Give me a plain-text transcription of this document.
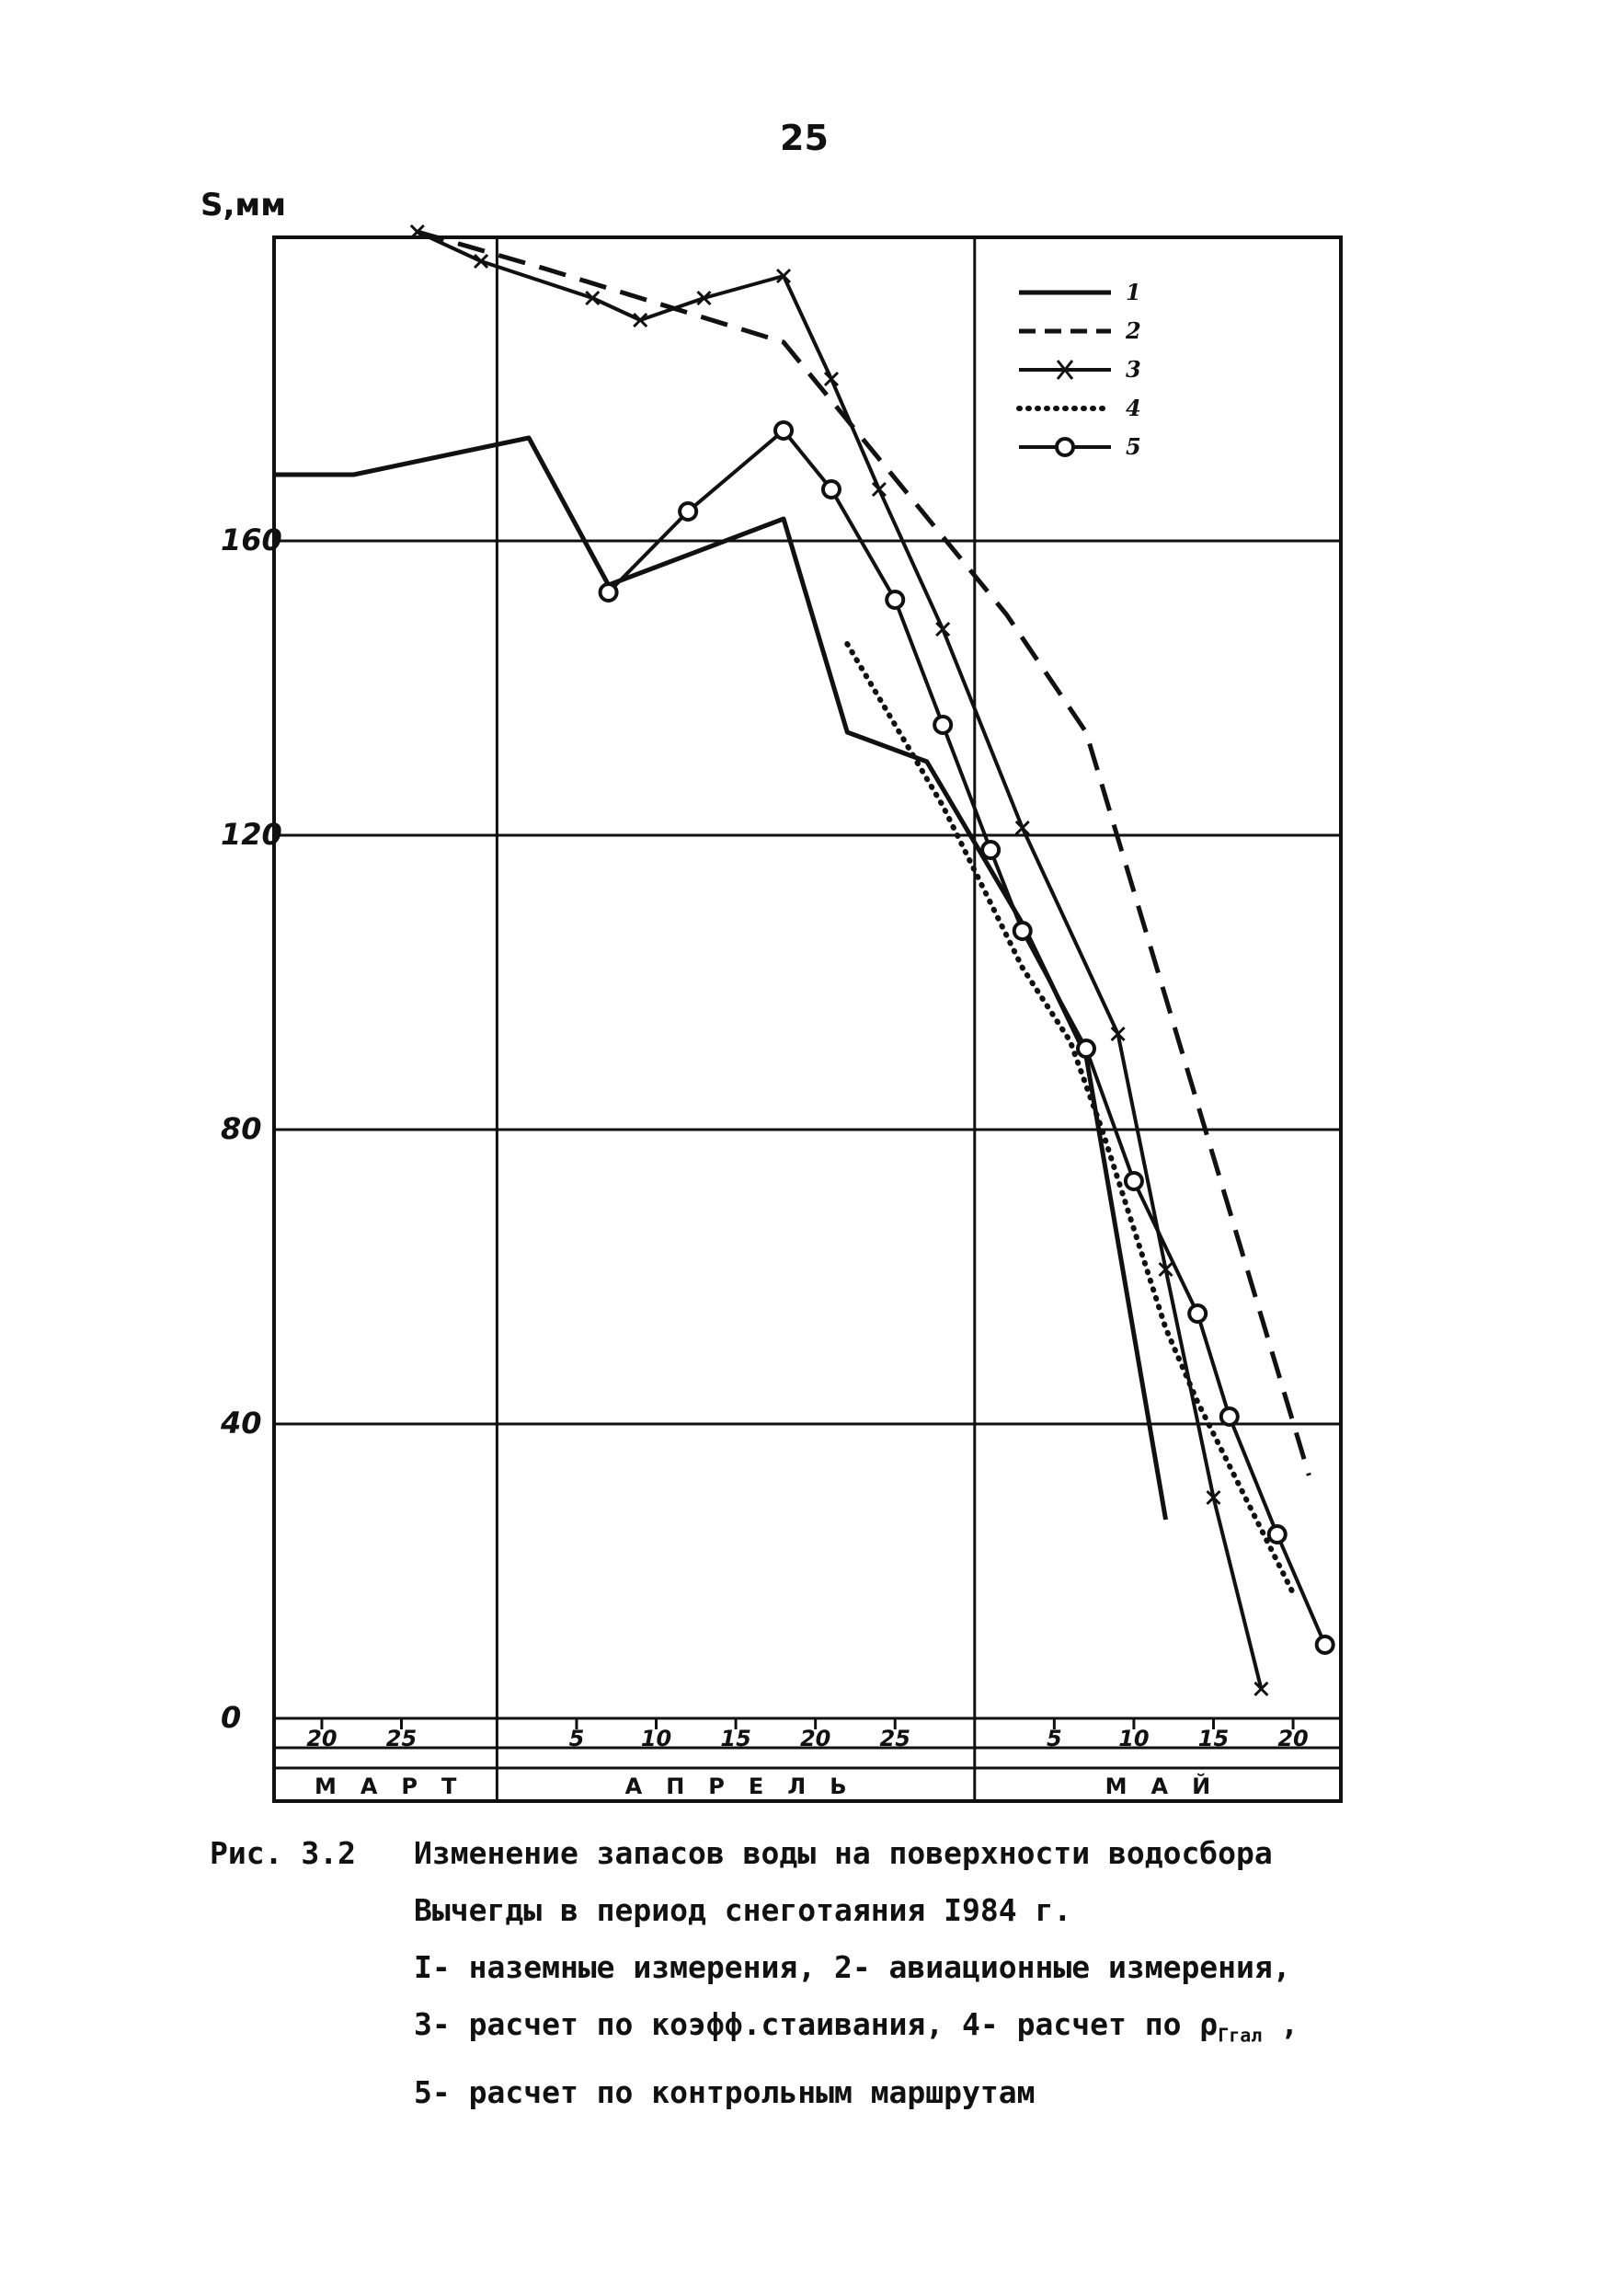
25
S,мм
0
40
80
120
160
20 25	5	10 15 20 25	5	10 15 20
МАРТ	АПРЕЛЬ	МАЙ
1
2
3
4
5
Рис. 3.2	Изменение запасов воды на поверхности водосбора
Вычегды в период снеготаяния I984 г.
I- наземные измерения, 2- авиационные измерения,
3- расчет по коэфф.стаивания, 4- расчет по $\rho_{\Gamma гал}$ ,
5- расчет по контрольным маршрутам
